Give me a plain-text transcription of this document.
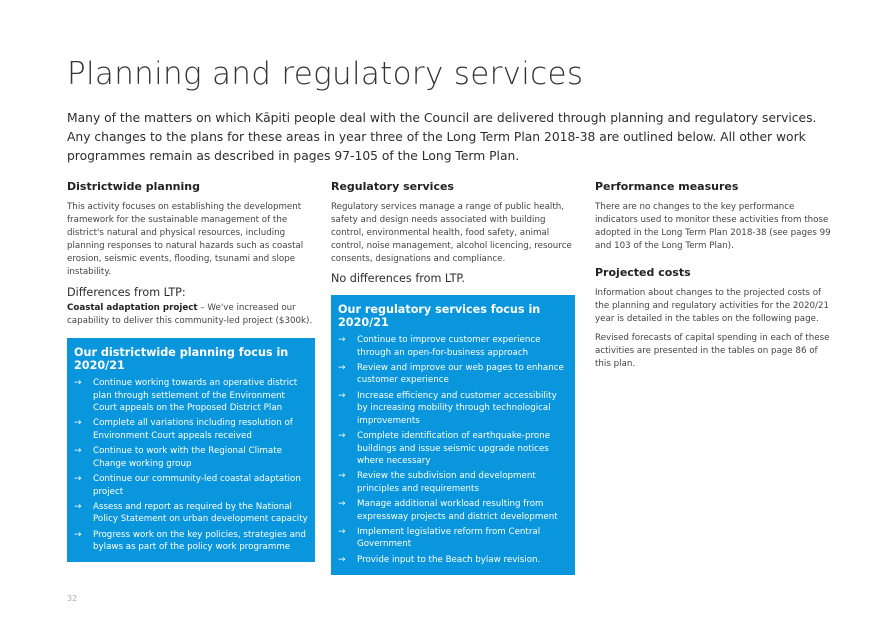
Planning and regulatory services

Many of the matters on which Kāpiti people deal with the Council are delivered through planning and regulatory services. Any changes to the plans for these areas in year three of the Long Term Plan 2018-38 are outlined below. All other work programmes remain as described in pages 97-105 of the Long Term Plan.

Districtwide planning

This activity focuses on establishing the development framework for the sustainable management of the district's natural and physical resources, including planning responses to natural hazards such as coastal erosion, seismic events, flooding, tsunami and slope instability.

Differences from LTP:
Coastal adaptation project – We've increased our capability to deliver this community-led project ($300k).
Our districtwide planning focus in 2020/21
→ Continue working towards an operative district plan through settlement of the Environment Court appeals on the Proposed District Plan
→ Complete all variations including resolution of Environment Court appeals received
→ Continue to work with the Regional Climate Change working group
→ Continue our community-led coastal adaptation project
→ Assess and report as required by the National Policy Statement on urban development capacity
→ Progress work on the key policies, strategies and bylaws as part of the policy work programme
Regulatory services

Regulatory services manage a range of public health, safety and design needs associated with building control, environmental health, food safety, animal control, noise management, alcohol licencing, resource consents, designations and compliance.

No differences from LTP.
Our regulatory services focus in 2020/21
→ Continue to improve customer experience through an open-for-business approach
→ Review and improve our web pages to enhance customer experience
→ Increase efficiency and customer accessibility by increasing mobility through technological improvements
→ Complete identification of earthquake-prone buildings and issue seismic upgrade notices where necessary
→ Review the subdivision and development principles and requirements
→ Manage additional workload resulting from expressway projects and district development
→ Implement legislative reform from Central Government
→ Provide input to the Beach bylaw revision.
Performance measures

There are no changes to the key performance indicators used to monitor these activities from those adopted in the Long Term Plan 2018-38 (see pages 99 and 103 of the Long Term Plan).

Projected costs

Information about changes to the projected costs of the planning and regulatory activities for the 2020/21 year is detailed in the tables on the following page.

Revised forecasts of capital spending in each of these activities are presented in the tables on page 86 of this plan.

32
